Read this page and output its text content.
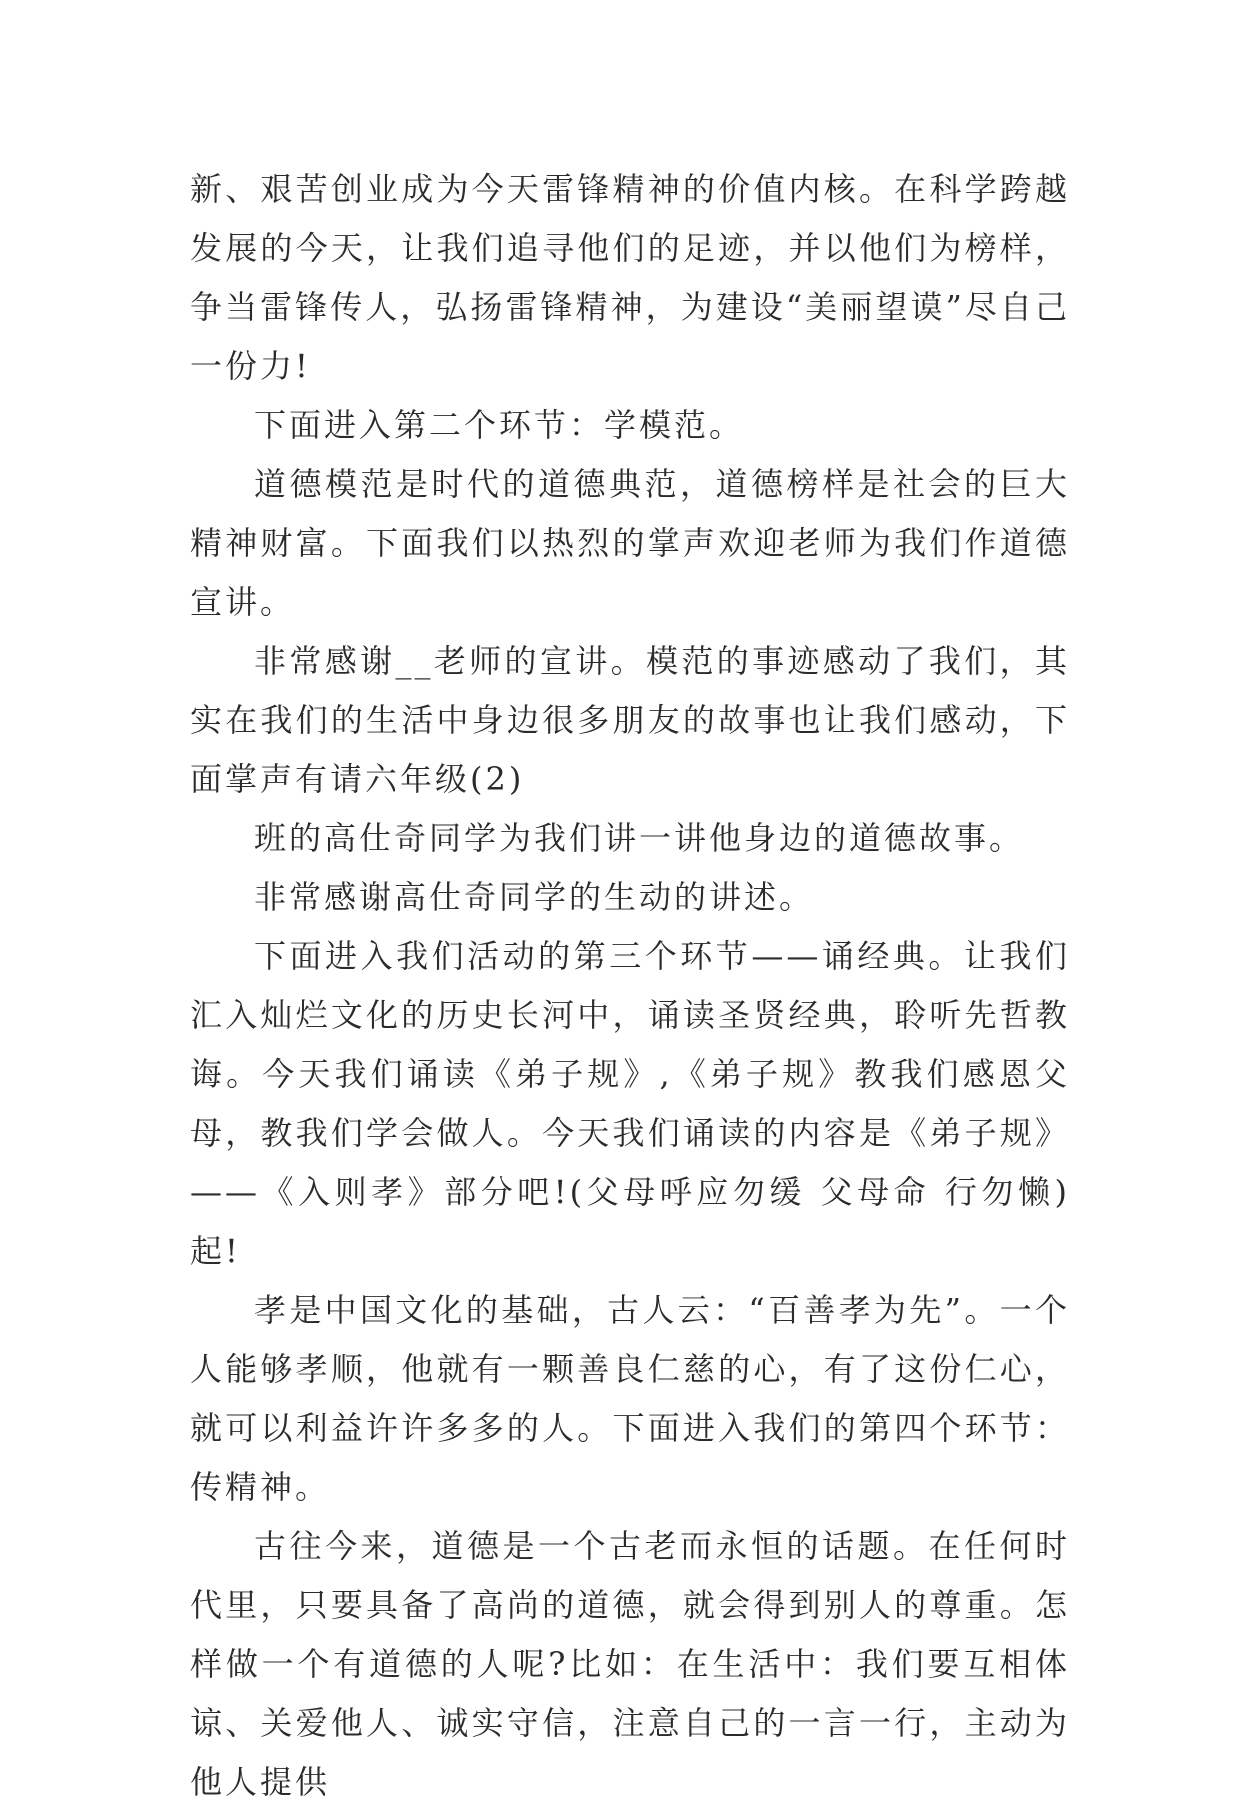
新、艰苦创业成为今天雷锋精神的价值内核。在科学跨越发展的今天，让我们追寻他们的足迹，并以他们为榜样，争当雷锋传人，弘扬雷锋精神，为建设“美丽望谟”尽自己一份力!

下面进入第二个环节：学模范。

道德模范是时代的道德典范，道德榜样是社会的巨大精神财富。下面我们以热烈的掌声欢迎老师为我们作道德宣讲。

非常感谢__老师的宣讲。模范的事迹感动了我们，其实在我们的生活中身边很多朋友的故事也让我们感动，下面掌声有请六年级(2)

班的高仕奇同学为我们讲一讲他身边的道德故事。

非常感谢高仕奇同学的生动的讲述。

下面进入我们活动的第三个环节——诵经典。让我们汇入灿烂文化的历史长河中，诵读圣贤经典，聆听先哲教诲。今天我们诵读《弟子规》,《弟子规》教我们感恩父母，教我们学会做人。今天我们诵读的内容是《弟子规》——《入则孝》部分吧!(父母呼应勿缓 父母命 行勿懒)起!

孝是中国文化的基础，古人云：“百善孝为先”。一个人能够孝顺，他就有一颗善良仁慈的心，有了这份仁心，就可以利益许许多多的人。下面进入我们的第四个环节：传精神。

古往今来，道德是一个古老而永恒的话题。在任何时代里，只要具备了高尚的道德，就会得到别人的尊重。怎样做一个有道德的人呢?比如：在生活中：我们要互相体谅、关爱他人、诚实守信，注意自己的一言一行，主动为他人提供
